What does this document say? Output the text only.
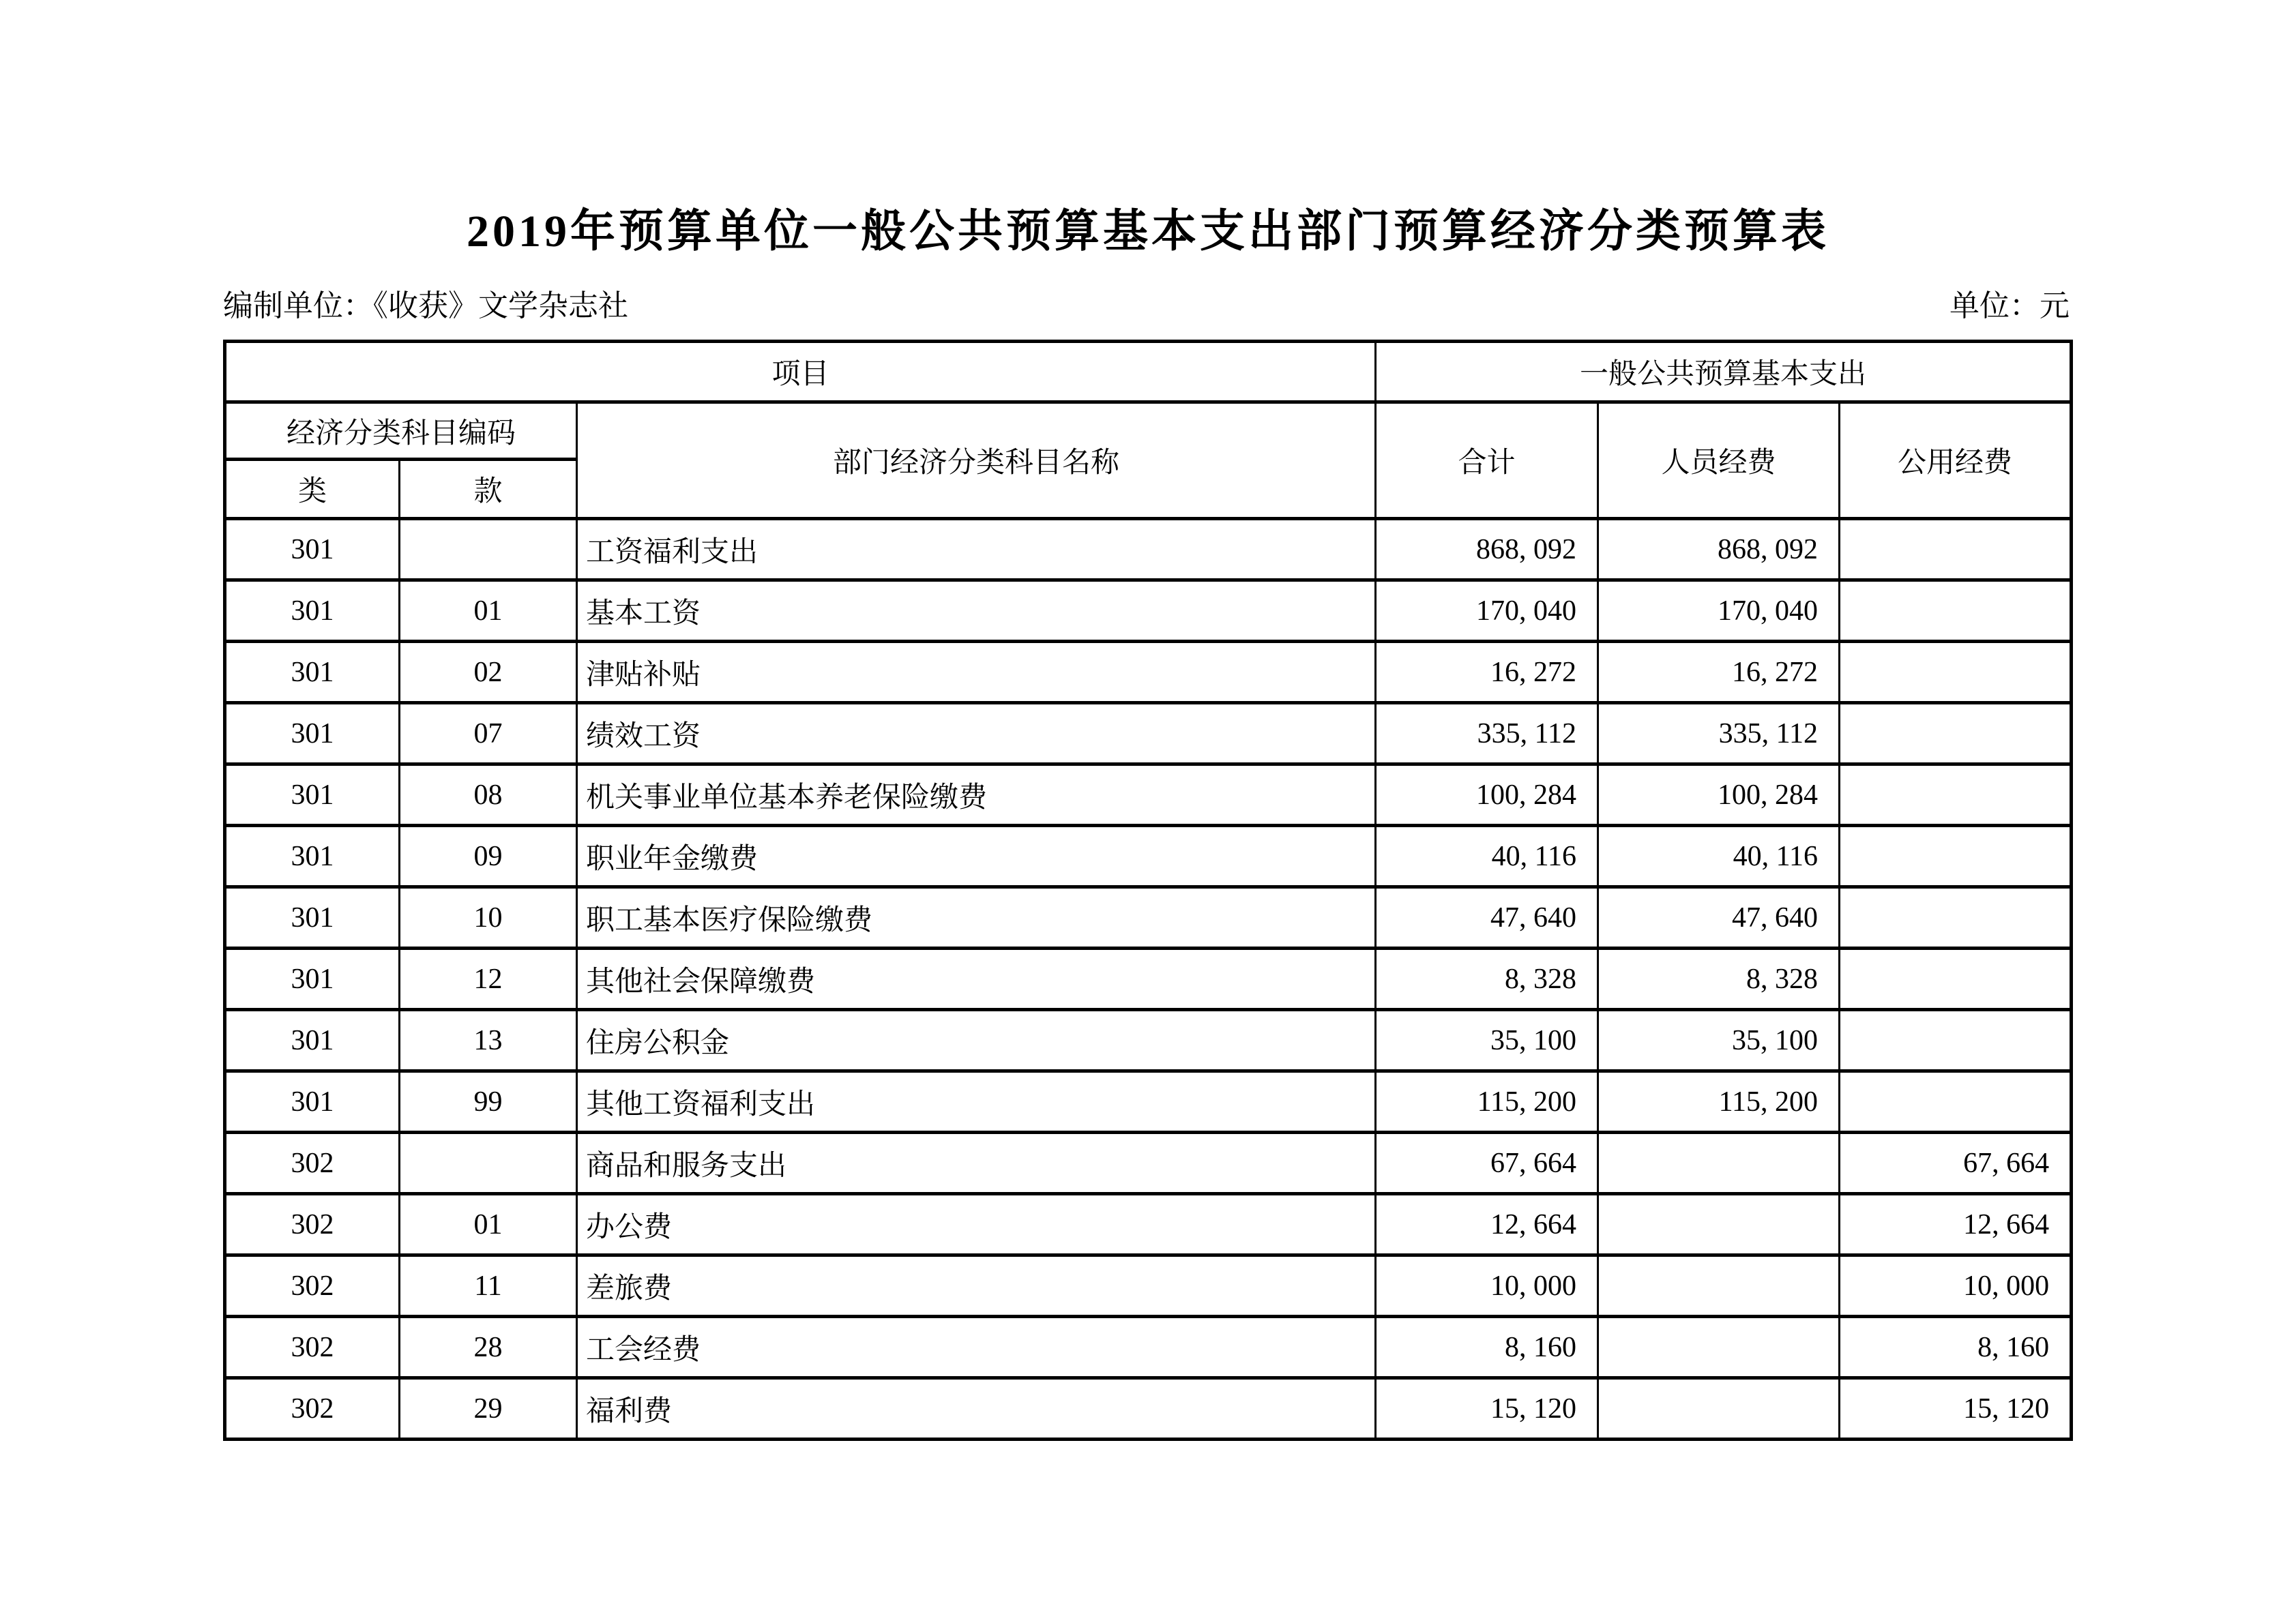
2019年预算单位一般公共预算基本支出部门预算经济分类预算表
编制单位：《收获》文学杂志社	单位：元
项目			一般公共预算基本支出		
经济分类科目编码		部门经济分类科目名称	合计	人员经费	公用经费
类	款				
301		工资福利支出	868, 092	868, 092	
301	01	基本工资	170, 040	170, 040	
301	02	津贴补贴	16, 272	16, 272	
301	07	绩效工资	335, 112	335, 112	
301	08	机关事业单位基本养老保险缴费	100, 284	100, 284	
301	09	职业年金缴费	40, 116	40, 116	
301	10	职工基本医疗保险缴费	47, 640	47, 640	
301	12	其他社会保障缴费	8, 328	8, 328	
301	13	住房公积金	35, 100	35, 100	
301	99	其他工资福利支出	115, 200	115, 200	
302		商品和服务支出	67, 664		67, 664
302	01	办公费	12, 664		12, 664
302	11	差旅费	10, 000		10, 000
302	28	工会经费	8, 160		8, 160
302	29	福利费	15, 120		15, 120
